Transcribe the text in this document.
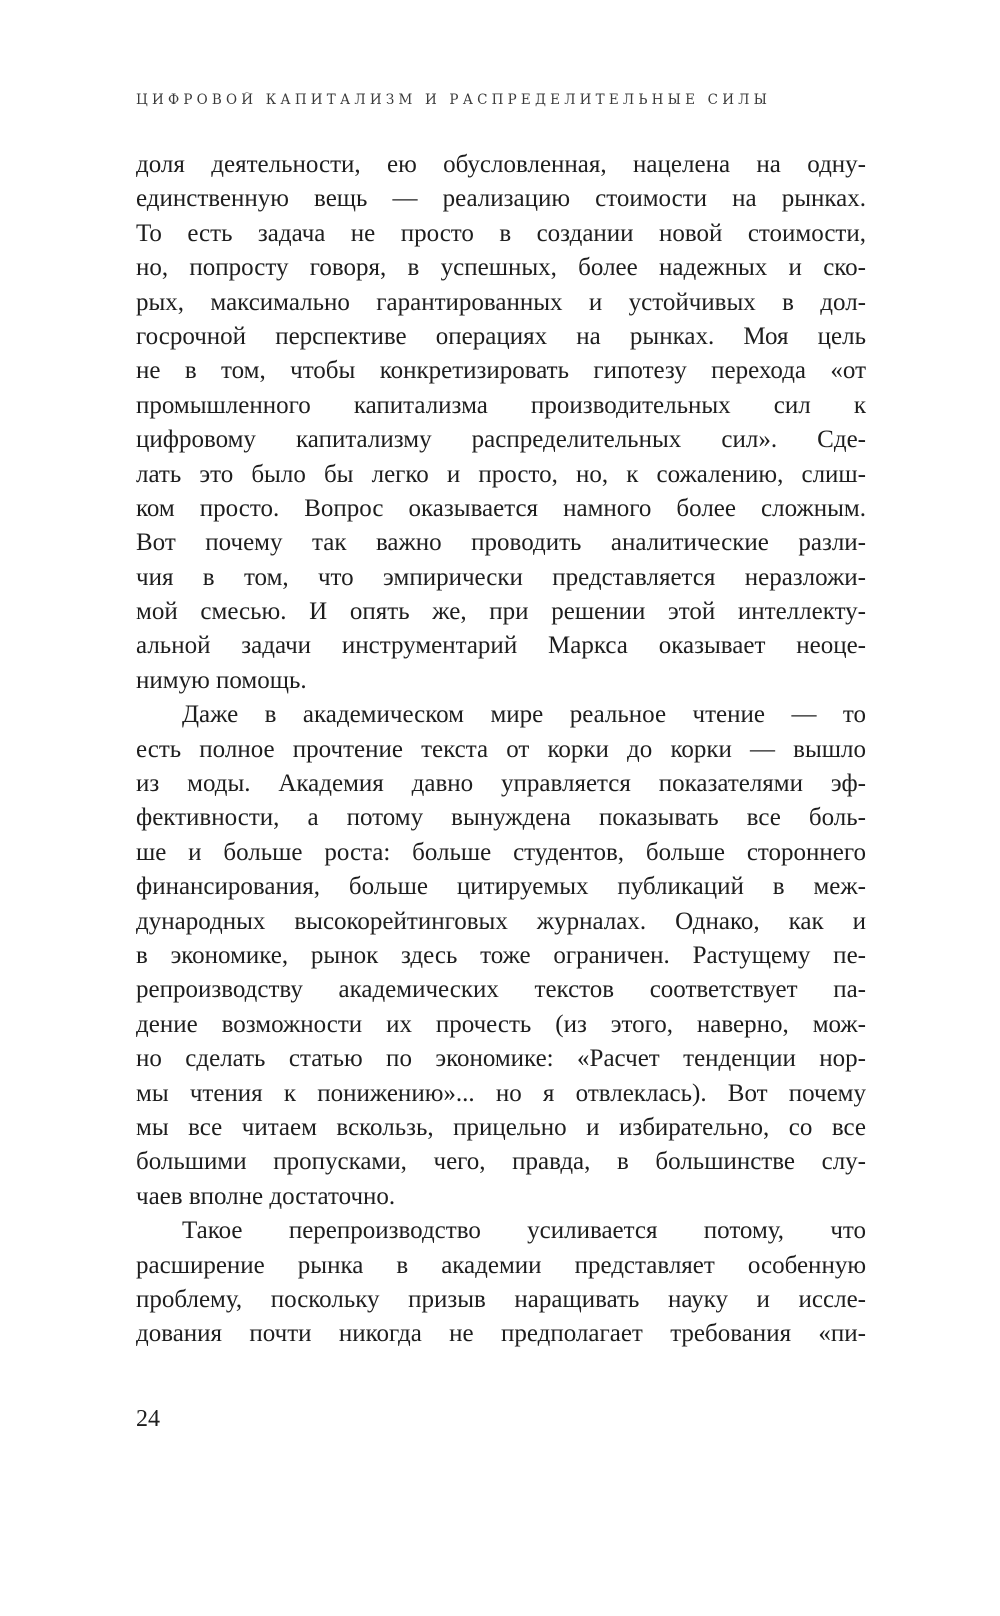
ЦИФРОВОЙ КАПИТАЛИЗМ И РАСПРЕДЕЛИТЕЛЬНЫЕ СИЛЫ
доля деятельности, ею обусловленная, нацелена на одну-
единственную вещь — реализацию стоимости на рынках.
То есть задача не просто в создании новой стоимости,
но, попросту говоря, в успешных, более надежных и ско-
рых, максимально гарантированных и устойчивых в дол-
госрочной перспективе операциях на рынках. Моя цель
не в том, чтобы конкретизировать гипотезу перехода «от
промышленного капитализма производительных сил к
цифровому капитализму распределительных сил». Сде-
лать это было бы легко и просто, но, к сожалению, слиш-
ком просто. Вопрос оказывается намного более сложным.
Вот почему так важно проводить аналитические разли-
чия в том, что эмпирически представляется неразложи-
мой смесью. И опять же, при решении этой интеллекту-
альной задачи инструментарий Маркса оказывает неоце-
нимую помощь.
Даже в академическом мире реальное чтение — то
есть полное прочтение текста от корки до корки — вышло
из моды. Академия давно управляется показателями эф-
фективности, а потому вынуждена показывать все боль-
ше и больше роста: больше студентов, больше стороннего
финансирования, больше цитируемых публикаций в меж-
дународных высокорейтинговых журналах. Однако, как и
в экономике, рынок здесь тоже ограничен. Растущему пе-
репроизводству академических текстов соответствует па-
дение возможности их прочесть (из этого, наверно, мож-
но сделать статью по экономике: «Расчет тенденции нор-
мы чтения к понижению»... но я отвлеклась). Вот почему
мы все читаем вскользь, прицельно и избирательно, со все
большими пропусками, чего, правда, в большинстве слу-
чаев вполне достаточно.
Такое перепроизводство усиливается потому, что
расширение рынка в академии представляет особенную
проблему, поскольку призыв наращивать науку и иссле-
дования почти никогда не предполагает требования «пи-
24
